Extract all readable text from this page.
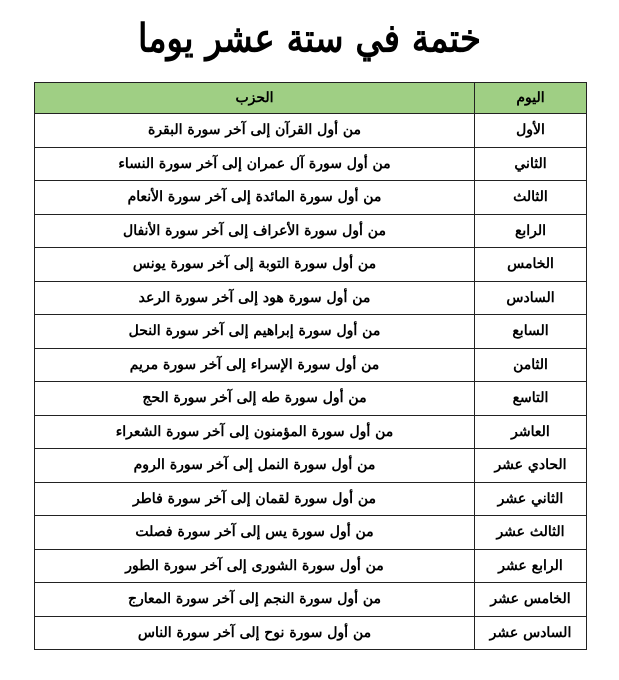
ختمة في ستة عشر يوما
اليوم	الحزب
الأول	من أول القرآن إلى آخر سورة البقرة
الثاني	من أول سورة آل عمران إلى آخر سورة النساء
الثالث	من أول سورة المائدة إلى آخر سورة الأنعام
الرابع	من أول سورة الأعراف إلى آخر سورة الأنفال
الخامس	من أول سورة التوبة إلى آخر سورة يونس
السادس	من أول سورة هود إلى آخر سورة الرعد
السابع	من أول سورة إبراهيم إلى آخر سورة النحل
الثامن	من أول سورة الإسراء إلى آخر سورة مريم
التاسع	من أول سورة طه إلى آخر سورة الحج
العاشر	من أول سورة المؤمنون إلى آخر سورة الشعراء
الحادي عشر	من أول سورة النمل إلى آخر سورة الروم
الثاني عشر	من أول سورة لقمان إلى آخر سورة فاطر
الثالث عشر	من أول سورة يس إلى آخر سورة فصلت
الرابع عشر	من أول سورة الشورى إلى آخر سورة الطور
الخامس عشر	من أول سورة النجم إلى آخر سورة المعارج
السادس عشر	من أول سورة نوح إلى آخر سورة الناس
